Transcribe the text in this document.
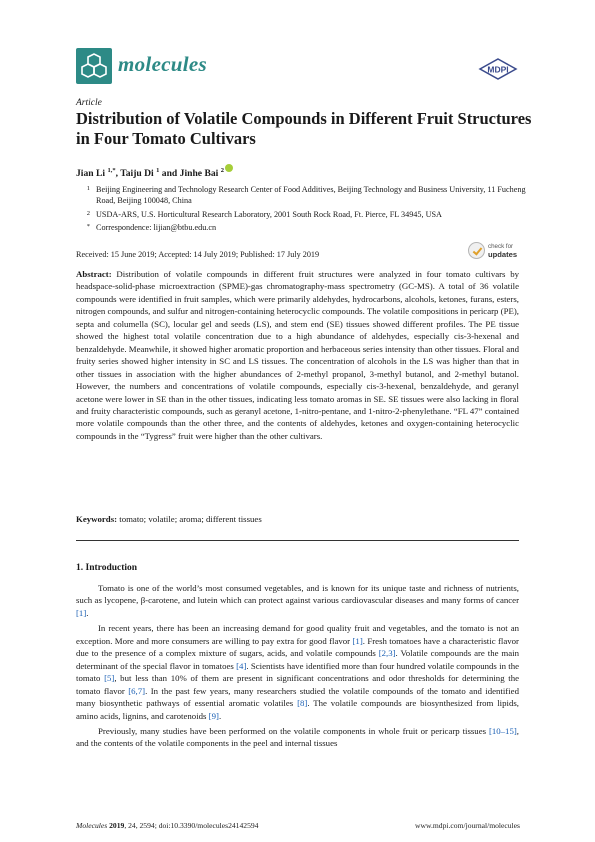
molecules	MDPI
Article
Distribution of Volatile Compounds in Different Fruit Structures in Four Tomato Cultivars
Jian Li $^{1,*}$, Taiju Di $^1$ and Jinhe Bai $^2$
1 Beijing Engineering and Technology Research Center of Food Additives, Beijing Technology and Business University, 11 Fucheng Road, Beijing 100048, China
2 USDA-ARS, U.S. Horticultural Research Laboratory, 2001 South Rock Road, Ft. Pierce, FL 34945, USA
* Correspondence: lijian@btbu.edu.cn
Received: 15 June 2019; Accepted: 14 July 2019; Published: 17 July 2019
check for
updates
Abstract: Distribution of volatile compounds in different fruit structures were analyzed in four tomato cultivars by headspace-solid-phase microextraction (SPME)-gas chromatography-mass spectrometry (GC-MS). A total of 36 volatile compounds were identified in fruit samples, which were primarily aldehydes, hydrocarbons, alcohols, ketones, furans, esters, nitrogen compounds, and sulfur and nitrogen-containing heterocyclic compounds. The volatile compositions in pericarp (PE), septa and columella (SC), locular gel and seeds (LS), and stem end (SE) tissues showed different profiles. The PE tissue showed the highest total volatile concentration due to a high abundance of aldehydes, especially cis-3-hexenal and benzaldehyde. Meanwhile, it showed higher aromatic proportion and herbaceous series intensity than other tissues. Floral and fruity series showed higher intensity in SC and LS tissues. The concentration of alcohols in the LS was higher than that in other tissues in association with the higher abundances of 2-methyl propanol, 3-methyl butanol, and 2-methyl butanol. However, the numbers and concentrations of volatile compounds, especially cis-3-hexenal, benzaldehyde, and geranyl acetone were lower in SE than in the other tissues, indicating less tomato aromas in SE. SE tissues were also lacking in floral and fruity characteristic compounds, such as geranyl acetone, 1-nitro-pentane, and 1-nitro-2-phenylethane. “FL 47” contained more volatile compounds than the other three, and the contents of aldehydes, ketones and oxygen-containing heterocyclic compounds in the “Tygress” fruit were higher than the other cultivars.
Keywords: tomato; volatile; aroma; different tissues
1. Introduction

Tomato is one of the world’s most consumed vegetables, and is known for its unique taste and richness of nutrients, such as lycopene, β-carotene, and lutein which can protect against various cardiovascular diseases and many forms of cancer [1].

In recent years, there has been an increasing demand for good quality fruit and vegetables, and the tomato is not an exception. More and more consumers are willing to pay extra for good flavor [1]. Fresh tomatoes have a characteristic flavor due to the presence of a complex mixture of sugars, acids, and volatile compounds [2,3]. Volatile compounds are the main determinant of the special flavor in tomatoes [4]. Scientists have identified more than four hundred volatile compounds in the tomato [5], but less than 10% of them are present in significant concentrations and odor thresholds for determining the tomato flavor [6,7]. In the past few years, many researchers studied the volatile compounds of the tomato and identified many biosynthetic pathways of essential aromatic volatiles [8]. The volatile compounds are biosynthesized from lipids, amino acids, lignins, and carotenoids [9].

Previously, many studies have been performed on the volatile components in whole fruit or pericarp tissues [10–15], and the contents of the volatile components in the peel and internal tissues

Molecules 2019, 24, 2594; doi:10.3390/molecules24142594	www.mdpi.com/journal/molecules
